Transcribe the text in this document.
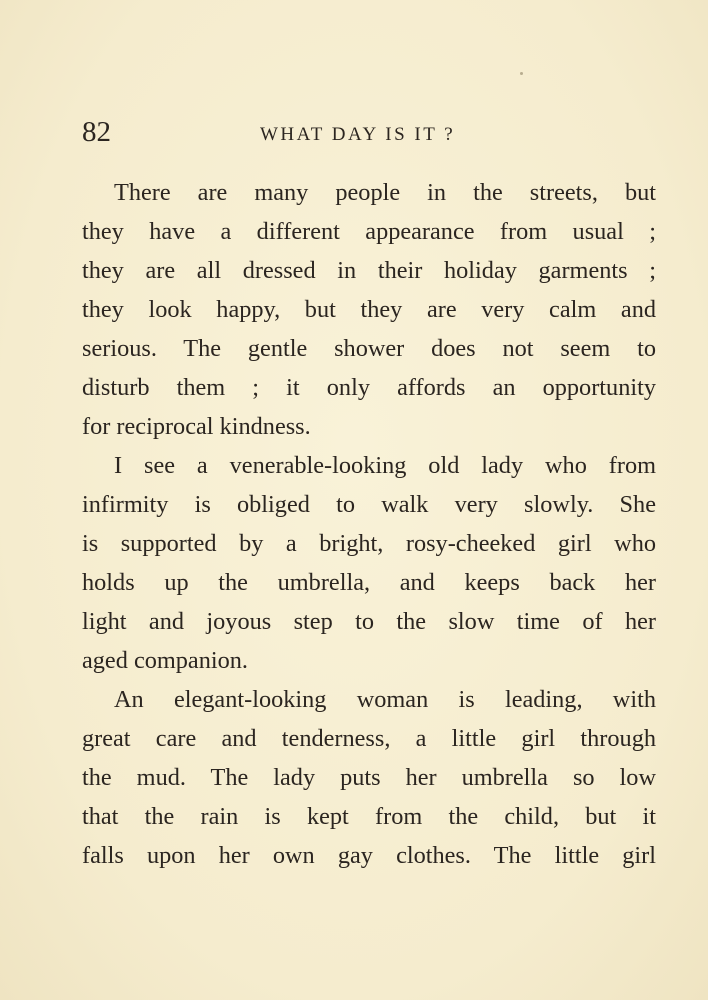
82	WHAT DAY IS IT ?
There are many people in the streets, but
they have a different appearance from usual ;
they are all dressed in their holiday garments ;
they look happy, but they are very calm and
serious. The gentle shower does not seem to
disturb them ; it only affords an opportunity
for reciprocal kindness.
I see a venerable-looking old lady who from
infirmity is obliged to walk very slowly. She
is supported by a bright, rosy-cheeked girl who
holds up the umbrella, and keeps back her
light and joyous step to the slow time of her
aged companion.
An elegant-looking woman is leading, with
great care and tenderness, a little girl through
the mud. The lady puts her umbrella so low
that the rain is kept from the child, but it
falls upon her own gay clothes. The little girl
